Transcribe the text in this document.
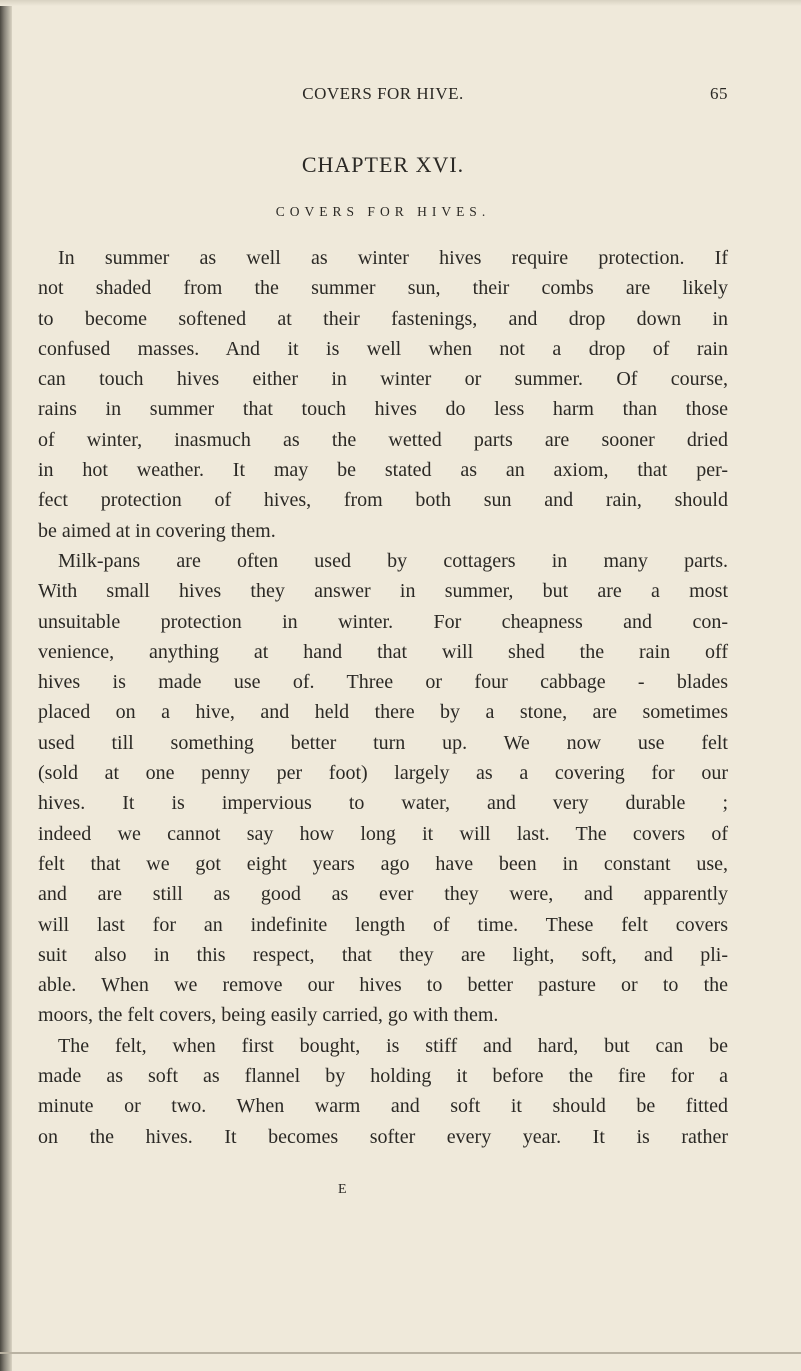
COVERS FOR HIVE.	65
CHAPTER XVI.
COVERS FOR HIVES.
In summer as well as winter hives require protection. If
not shaded from the summer sun, their combs are likely
to become softened at their fastenings, and drop down in
confused masses. And it is well when not a drop of rain
can touch hives either in winter or summer. Of course,
rains in summer that touch hives do less harm than those
of winter, inasmuch as the wetted parts are sooner dried
in hot weather. It may be stated as an axiom, that per-
fect protection of hives, from both sun and rain, should
be aimed at in covering them.
Milk-pans are often used by cottagers in many parts.
With small hives they answer in summer, but are a most
unsuitable protection in winter. For cheapness and con-
venience, anything at hand that will shed the rain off
hives is made use of. Three or four cabbage - blades
placed on a hive, and held there by a stone, are sometimes
used till something better turn up. We now use felt
(sold at one penny per foot) largely as a covering for our
hives. It is impervious to water, and very durable ;
indeed we cannot say how long it will last. The covers of
felt that we got eight years ago have been in constant use,
and are still as good as ever they were, and apparently
will last for an indefinite length of time. These felt covers
suit also in this respect, that they are light, soft, and pli-
able. When we remove our hives to better pasture or to the
moors, the felt covers, being easily carried, go with them.
The felt, when first bought, is stiff and hard, but can be
made as soft as flannel by holding it before the fire for a
minute or two. When warm and soft it should be fitted
on the hives. It becomes softer every year. It is rather
E
